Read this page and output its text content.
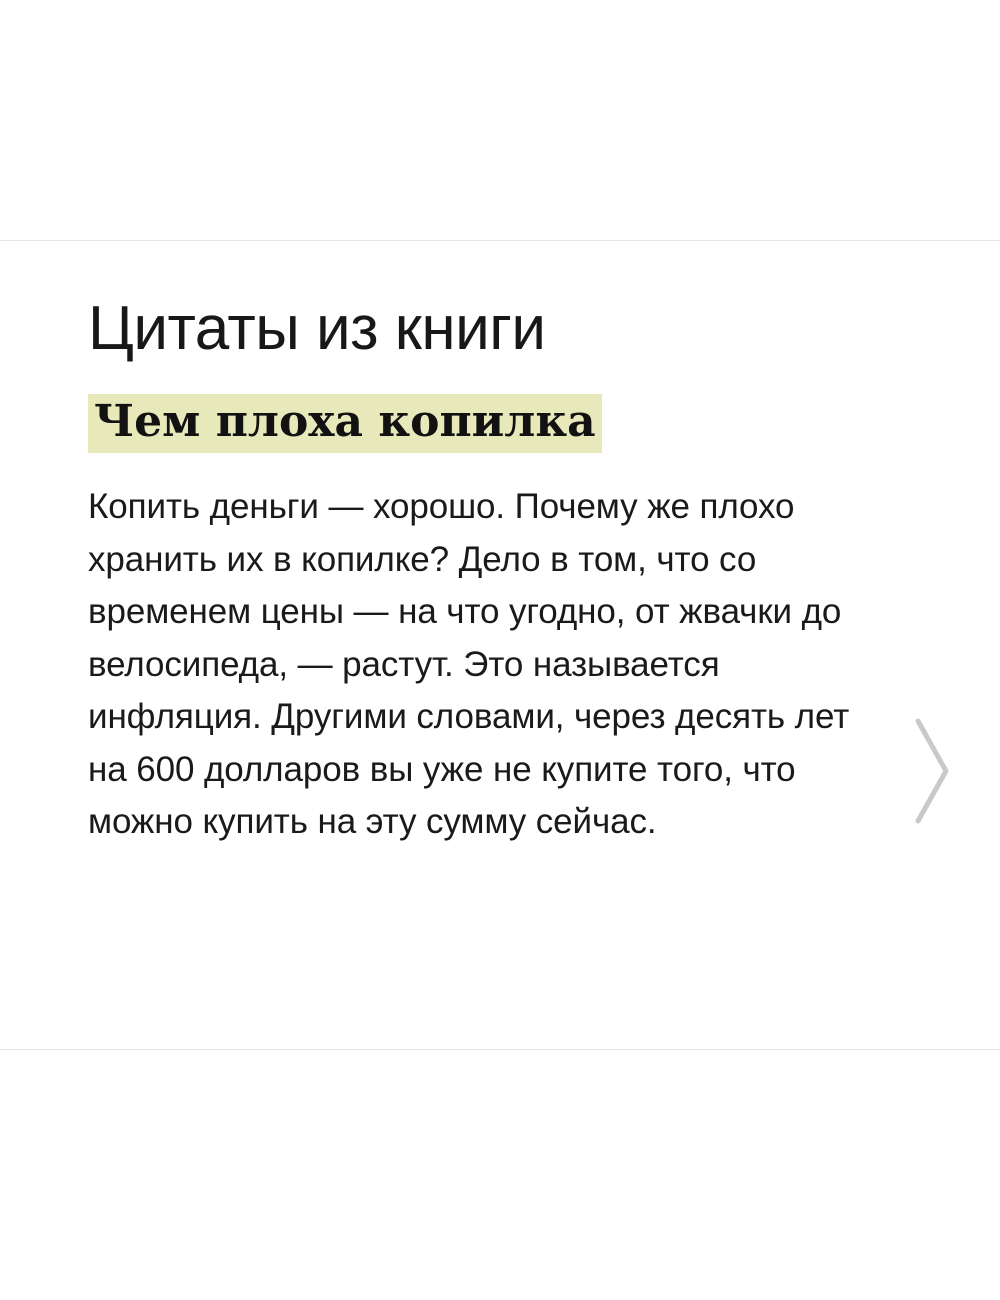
Цитаты из книги
Чем плоха копилка

Копить деньги — хорошо. Почему же плохо хранить их в копилке? Дело в том, что со временем цены — на что угодно, от жвачки до велосипеда, — растут. Это называется инфляция. Другими словами, через десять лет на 600 долларов вы уже не купите того, что можно купить на эту сумму сейчас.
